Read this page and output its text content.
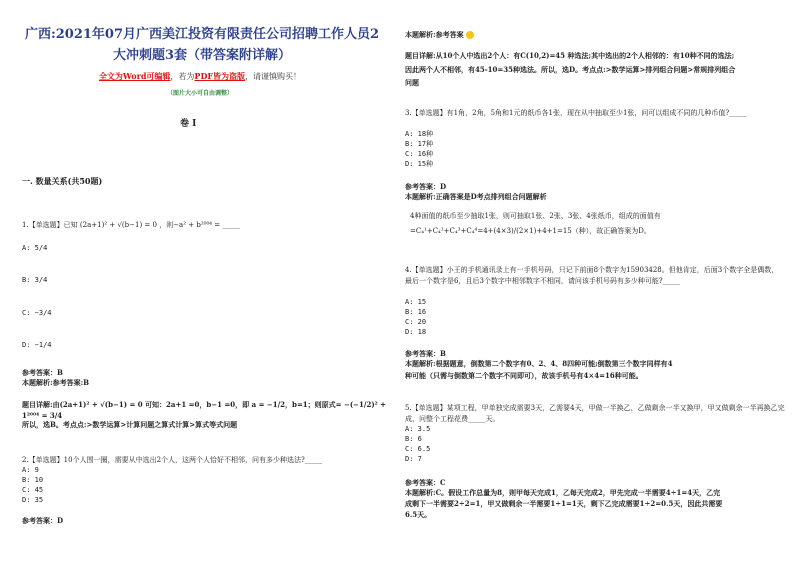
广西:2021年07月广西美江投资有限责任公司招聘工作人员2
大冲刺题3套（带答案附详解）
全文为Word可编辑，若为PDF皆为盗版，请谨慎购买！
（图片大小可自由调整）
卷 I
一. 数量关系(共50题)
1.【单选题】已知 (2a+1)² + √(b−1) = 0 ，则−a² + b²⁰⁰⁴ = _____
A: 5/4
B: 3/4
C: −3/4
D: −1/4
参考答案：B
本题解析:参考答案:B
题目详解:由(2a+1)² + √(b−1) = 0 可知：2a+1 =0，b−1 =0，即 a = −1/2，b=1；则原式= −(−1/2)² + 1²⁰⁰⁴ = 3/4
所以，选B。考点点:>数学运算>计算问题之算式计算>算式等式问题
2.【单选题】10个人围一圈，需要从中选出2个人，这两个人恰好不相邻，问有多少种选法?_____
A: 9
B: 10
C: 45
D: 35
参考答案：D
本题解析:参考答案
题目详解:从10个人中选出2个人：有C(10,2)=45 种选法;其中选出的2个人相邻的：有10种不同的选法;
因此两个人不相邻，有45-10=35种选法。所以，选D。考点点:>数学运算>排列组合问题>常规排列组合
问题
3.【单选题】有1角，2角，5角和1元的纸币各1张，现在从中抽取至少1张，问可以组成不同的几种币值?_____
A: 18种
B: 17种
C: 16种
D: 15种
参考答案：D
本题解析:正确答案是D考点排列组合问题解析
4种面值的纸币至少抽取1张，则可抽取1张、2张、3张、4张纸币，组成的面值有
=C₄¹+C₄²+C₄³+C₄⁴=4+(4×3)/(2×1)+4+1=15（种），故正确答案为D。
4.【单选题】小王的手机通讯录上有一手机号码，只记下前面8个数字为15903428。但他肯定，后面3个数字全是偶数，最后一个数字是6，且后3个数字中相邻数字不相同，请问该手机号码有多少种可能?_____
A: 15
B: 16
C: 20
D: 18
参考答案：B
本题解析:根据题意，倒数第二个数字有0、2、4、8四种可能;倒数第三个数字同样有4
种可能（只需与倒数第二个数字不同即可），故该手机号有4×4=16种可能。
5.【单选题】某项工程，甲单独完成需要3天，乙需要4天，甲做一半换乙，乙做剩余一半又换甲，甲又做剩余一半再换乙完成，问整个工程花费_____天。
A: 3.5
B: 6
C: 6.5
D: 7
参考答案：C
本题解析:C。假设工作总量为8，则甲每天完成1，乙每天完成2，甲先完成一半需要4÷1=4天，乙完
成剩下一半需要2÷2=1，甲又做剩余一半需要1÷1=1天，剩下乙完成需要1÷2=0.5天，因此共需要
6.5天。
